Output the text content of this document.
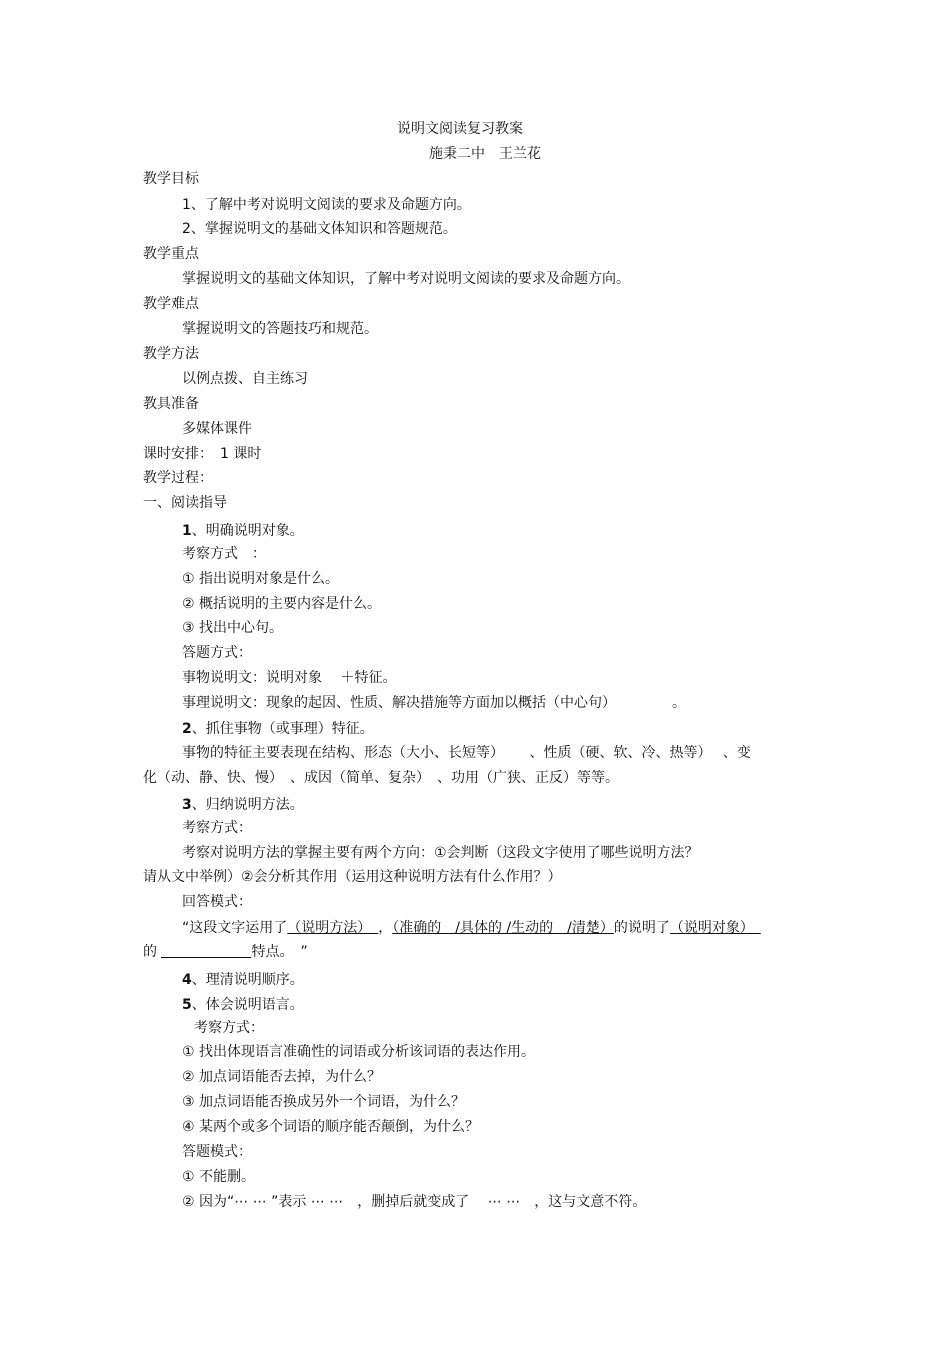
说明文阅读复习教案
施秉二中　王兰花
教学目标
1、了解中考对说明文阅读的要求及命题方向。
2、掌握说明文的基础文体知识和答题规范。
教学重点
掌握说明文的基础文体知识，了解中考对说明文阅读的要求及命题方向。
教学难点
掌握说明文的答题技巧和规范。
教学方法
以例点拨、自主练习
教具准备
多媒体课件
课时安排：　1 课时
教学过程：
一、阅读指导
1、明确说明对象。
考察方式　：
① 指出说明对象是什么。
② 概括说明的主要内容是什么。
③ 找出中心句。
答题方式：
事物说明文：说明对象　 ＋特征。
事理说明文：现象的起因、性质、解决措施等方面加以概括（中心句）	。
2、抓住事物（或事理）特征。
事物的特征主要表现在结构、形态（大小、长短等）　　 、性质（硬、软、冷、热等）　 、变
化（动、静、快、慢）　、成因（简单、复杂）　、功用（广狭、正反）等等。
3、归纳说明方法。
考察方式：
考察对说明方法的掌握主要有两个方向：①会判断（这段文字使用了哪些说明方法？
请从文中举例）②会分析其作用（运用这种说明方法有什么作用？）
回答模式：
“这段文字运用了（说明方法）　，（准确的　/具体的 /生动的　/清楚）的说明了（说明对象）　
的	特点。　”
4、理清说明顺序。
5、体会说明语言。
考察方式：
① 找出体现语言准确性的词语或分析该词语的表达作用。
② 加点词语能否去掉，为什么？
③ 加点词语能否换成另外一个词语，为什么？
④ 某两个或多个词语的顺序能否颠倒，为什么？
答题模式：
① 不能删。
② 因为“⋯ ⋯ ”表示 ⋯ ⋯　，删掉后就变成了　 ⋯ ⋯　，这与文意不符。
